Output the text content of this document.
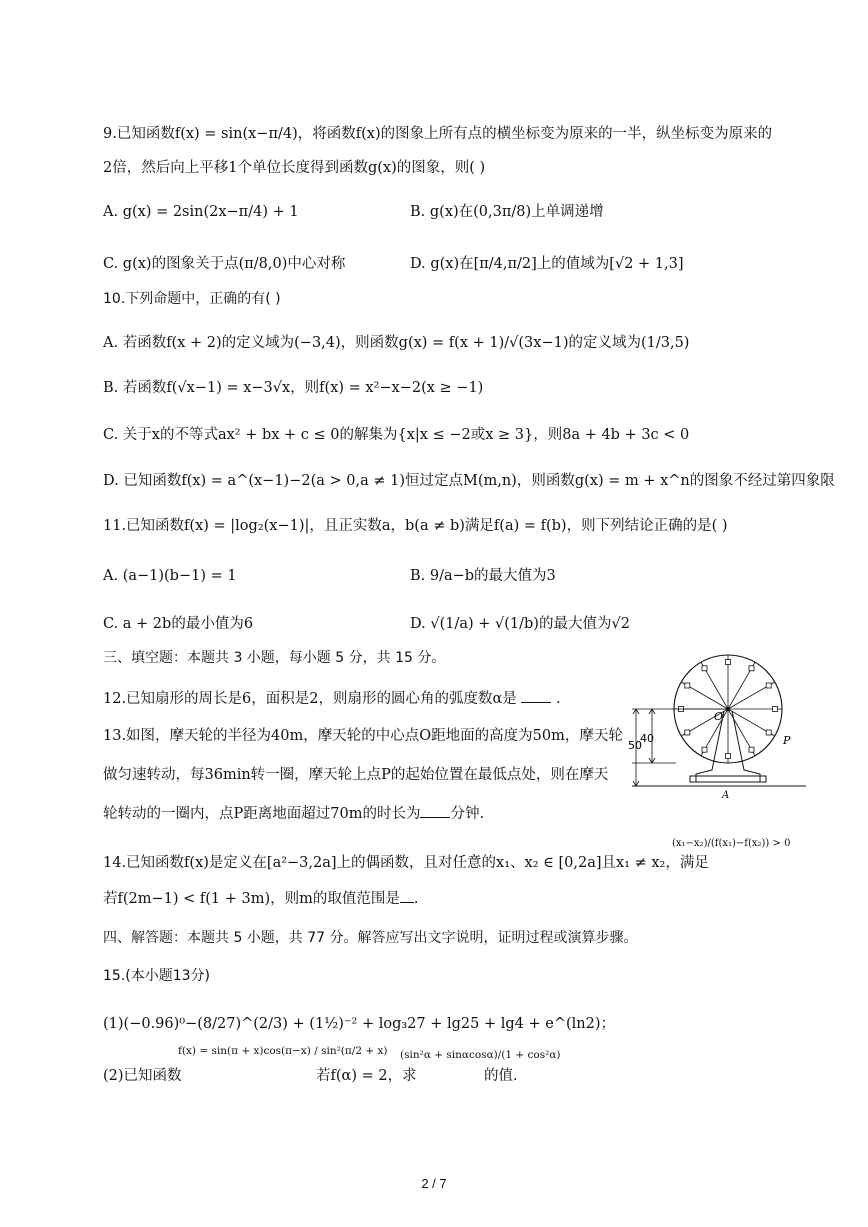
9.已知函数f(x) = sin(x−π/4)，将函数f(x)的图象上所有点的横坐标变为原来的一半，纵坐标变为原来的
2倍，然后向上平移1个单位长度得到函数g(x)的图象，则( )
A. g(x) = 2sin(2x−π/4) + 1	B. g(x)在(0,3π/8)上单调递增
C. g(x)的图象关于点(π/8,0)中心对称	D. g(x)在[π/4,π/2]上的值域为[√2 + 1,3]
10.下列命题中，正确的有( )
A. 若函数f(x + 2)的定义域为(−3,4)，则函数g(x) = f(x + 1)/√(3x−1)的定义域为(1/3,5)
B. 若函数f(√x−1) = x−3√x，则f(x) = x²−x−2(x ≥ −1)
C. 关于x的不等式ax² + bx + c ≤ 0的解集为{x|x ≤ −2或x ≥ 3}，则8a + 4b + 3c < 0
D. 已知函数f(x) = a^(x−1)−2(a > 0,a ≠ 1)恒过定点M(m,n)，则函数g(x) = m + x^n的图象不经过第四象限
11.已知函数f(x) = |log₂(x−1)|，且正实数a，b(a ≠ b)满足f(a) = f(b)，则下列结论正确的是( )
A. (a−1)(b−1) = 1	B. 9/a−b的最大值为3
C. a + 2b的最小值为6	D. √(1/a) + √(1/b)的最大值为√2
三、填空题：本题共 3 小题，每小题 5 分，共 15 分。
12.已知扇形的周长是6，面积是2，则扇形的圆心角的弧度数α是  .
13.如图，摩天轮的半径为40m，摩天轮的中心点O距地面的高度为50m，摩天轮
做匀速转动，每36min转一圈，摩天轮上点P的起始位置在最低点处，则在摩天
轮转动的一圈内，点P距离地面超过70m的时长为 分钟.
50
40
O
P
A
14.已知函数f(x)是定义在[a²−3,2a]上的偶函数，且对任意的x₁、x₂ ∈ [0,2a]且x₁ ≠ x₂，满足
(x₁−x₂)/(f(x₁)−f(x₂)) > 0
若f(2m−1) < f(1 + 3m)，则m的取值范围是 .
四、解答题：本题共 5 小题，共 77 分。解答应写出文字说明，证明过程或演算步骤。
15.(本小题13分)
(1)(−0.96)⁰−(8/27)^(2/3) + (1½)⁻² + log₃27 + lg25 + lg4 + e^(ln2)；
(2)已知函数
f(x) = sin(π + x)cos(π−x) / sin²(π/2 + x)
若f(α) = 2，求
(sin²α + sinαcosα)/(1 + cos²α)
的值.
2 / 7
